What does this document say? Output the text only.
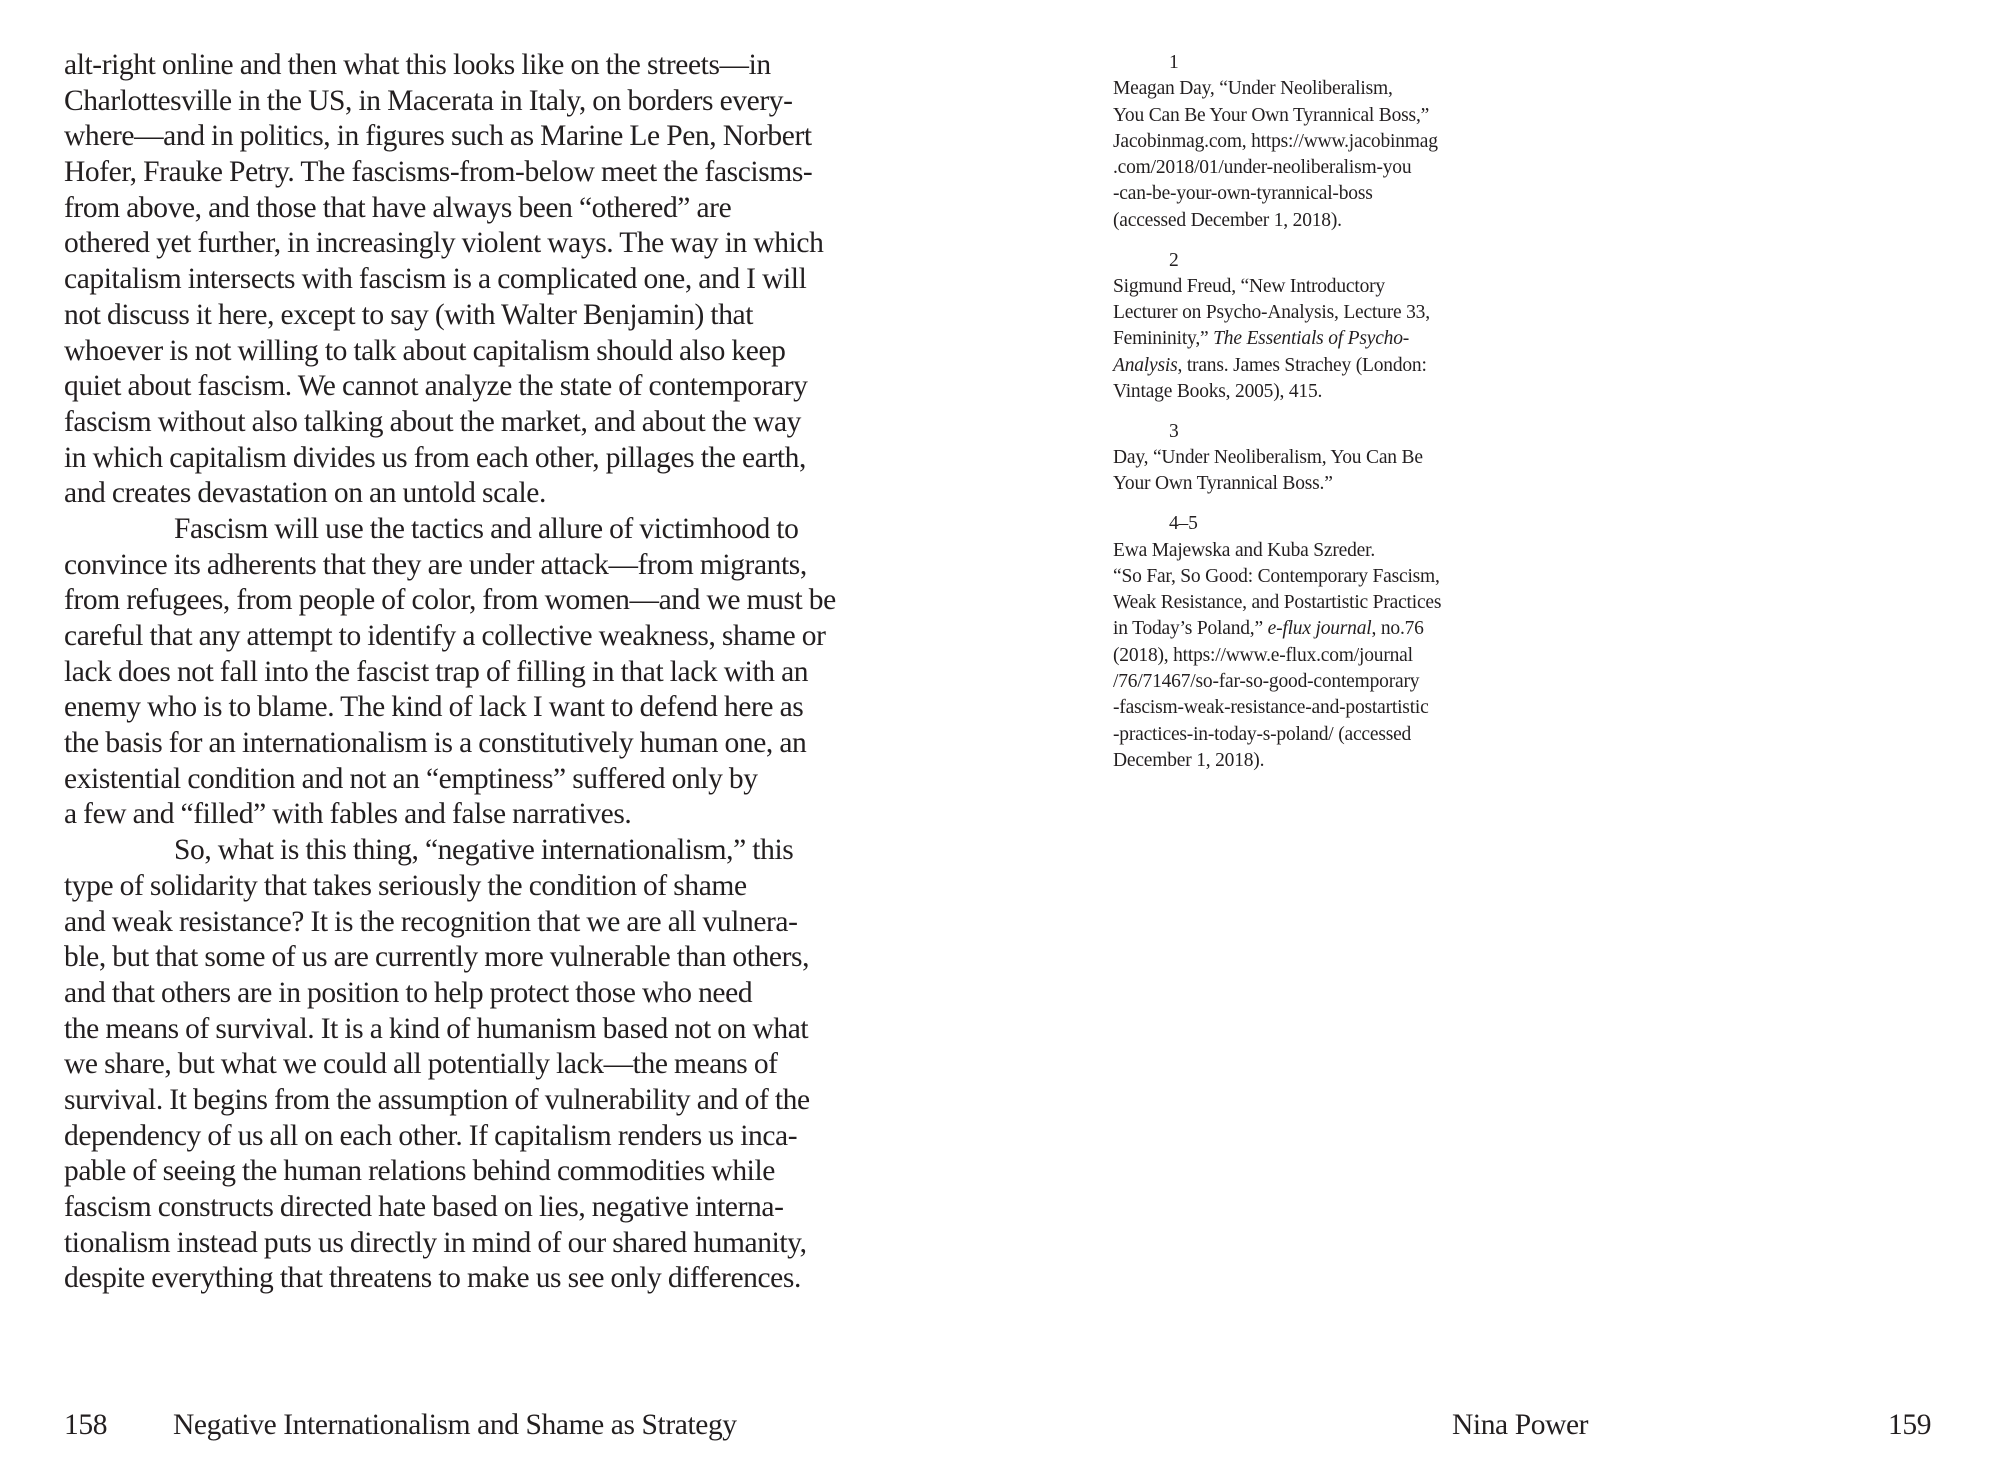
alt-right online and then what this looks like on the streets—in
Charlottesville in the US, in Macerata in Italy, on borders every-
where—and in politics, in figures such as Marine Le Pen, Norbert
Hofer, Frauke Petry. The fascisms-from-below meet the fascisms-
from above, and those that have always been “othered” are
othered yet further, in increasingly violent ways. The way in which
capitalism intersects with fascism is a complicated one, and I will
not discuss it here, except to say (with Walter Benjamin) that
whoever is not willing to talk about capitalism should also keep
quiet about fascism. We cannot analyze the state of contemporary
fascism without also talking about the market, and about the way
in which capitalism divides us from each other, pillages the earth,
and creates devastation on an untold scale.
Fascism will use the tactics and allure of victimhood to
convince its adherents that they are under attack—from migrants,
from refugees, from people of color, from women—and we must be
careful that any attempt to identify a collective weakness, shame or
lack does not fall into the fascist trap of filling in that lack with an
enemy who is to blame. The kind of lack I want to defend here as
the basis for an internationalism is a constitutively human one, an
existential condition and not an “emptiness” suffered only by
a few and “filled” with fables and false narratives.
So, what is this thing, “negative internationalism,” this
type of solidarity that takes seriously the condition of shame
and weak resistance? It is the recognition that we are all vulnera-
ble, but that some of us are currently more vulnerable than others,
and that others are in position to help protect those who need
the means of survival. It is a kind of humanism based not on what
we share, but what we could all potentially lack—the means of
survival. It begins from the assumption of vulnerability and of the
dependency of us all on each other. If capitalism renders us inca-
pable of seeing the human relations behind commodities while
fascism constructs directed hate based on lies, negative interna-
tionalism instead puts us directly in mind of our shared humanity,
despite everything that threatens to make us see only differences.
1
Meagan Day, “Under Neoliberalism,
You Can Be Your Own Tyrannical Boss,”
Jacobinmag.com, https://www.jacobinmag
.com/2018/01/under-neoliberalism-you
-can-be-your-own-tyrannical-boss
(accessed December 1, 2018).
2
Sigmund Freud, “New Introductory
Lecturer on Psycho-Analysis, Lecture 33,
Femininity,” The Essentials of Psycho-
Analysis, trans. James Strachey (London:
Vintage Books, 2005), 415.
3
Day, “Under Neoliberalism, You Can Be
Your Own Tyrannical Boss.”
4–5
Ewa Majewska and Kuba Szreder.
“So Far, So Good: Contemporary Fascism,
Weak Resistance, and Postartistic Practices
in Today’s Poland,” e-flux journal, no.76
(2018), https://www.e-flux.com/journal
/76/71467/so-far-so-good-contemporary
-fascism-weak-resistance-and-postartistic
-practices-in-today-s-poland/ (accessed
December 1, 2018).
158 Negative Internationalism and Shame as Strategy	Nina Power	159
